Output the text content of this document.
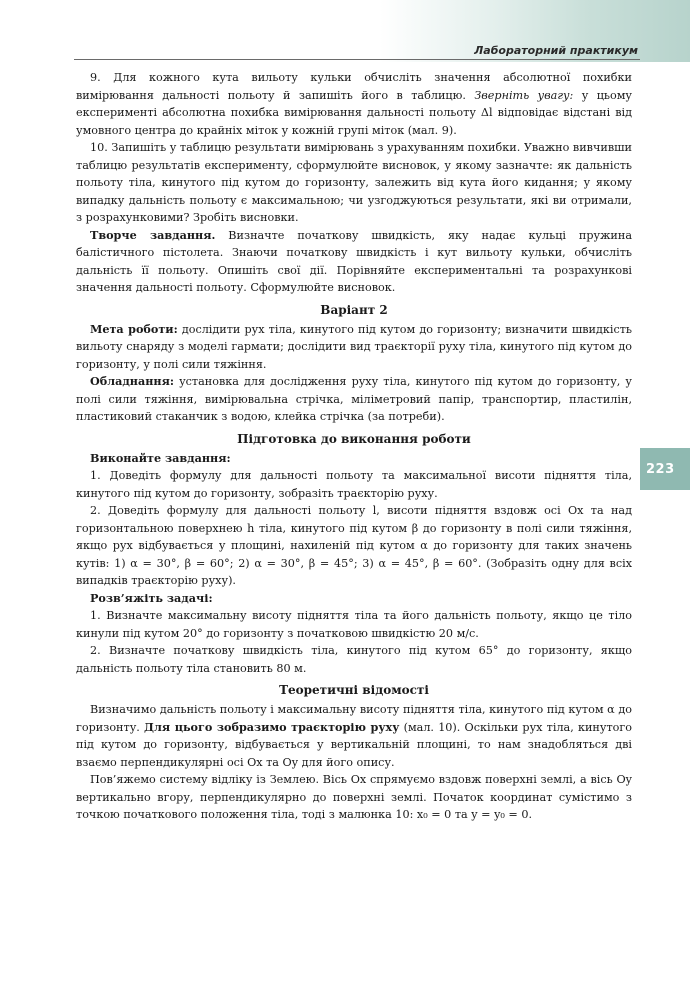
Лабораторний практикум
223

9. Для кожного кута вильоту кульки обчисліть значення абсолютної похибки вимірювання дальності польоту й запишіть його в таблицю. Зверніть увагу: у цьому експерименті абсолютна похибка вимірювання дальності польоту Δl відповідає відстані від умовного центра до крайніх міток у кожній групі міток (мал. 9).

10. Запишіть у таблицю результати вимірювань з урахуванням похибки. Уважно вивчивши таблицю результатів експерименту, сформулюйте висновок, у якому зазначте: як дальність польоту тіла, кинутого під кутом до горизонту, залежить від кута його кидання; у якому випадку дальність польоту є максимальною; чи узгоджуються результати, які ви отримали, з розрахунковими? Зробіть висновки.

Творче завдання. Визначте початкову швидкість, яку надає кульці пружина балістичного пістолета. Знаючи початкову швидкість і кут вильоту кульки, обчисліть дальність її польоту. Опишіть свої дії. Порівняйте експериментальні та розрахункові значення дальності польоту. Сформулюйте висновок.

Варіант 2

Мета роботи: дослідити рух тіла, кинутого під кутом до горизонту; визначити швидкість вильоту снаряду з моделі гармати; дослідити вид траєкторії руху тіла, кинутого під кутом до горизонту, у полі сили тяжіння.

Обладнання: установка для дослідження руху тіла, кинутого під кутом до горизонту, у полі сили тяжіння, вимірювальна стрічка, міліметровий папір, транспортир, пластилін, пластиковий стаканчик з водою, клейка стрічка (за потреби).

Підготовка до виконання роботи

Виконайте завдання:

1. Доведіть формулу для дальності польоту та максимальної висоти підняття тіла, кинутого під кутом до горизонту, зобразіть траєкторію руху.

2. Доведіть формулу для дальності польоту l, висоти підняття вздовж осі Ox та над горизонтальною поверхнею h тіла, кинутого під кутом β до горизонту в полі сили тяжіння, якщо рух відбувається у площині, нахиленій під кутом α до горизонту для таких значень кутів: 1) α = 30°, β = 60°; 2) α = 30°, β = 45°; 3) α = 45°, β = 60°. (Зобразіть одну для всіх випадків траєкторію руху).

Розв’яжіть задачі:

1. Визначте максимальну висоту підняття тіла та його дальність польоту, якщо це тіло кинули під кутом 20° до горизонту з початковою швидкістю 20 м/с.

2. Визначте початкову швидкість тіла, кинутого під кутом 65° до горизонту, якщо дальність польоту тіла становить 80 м.

Теоретичні відомості

Визначимо дальність польоту і максимальну висоту підняття тіла, кинутого під кутом α до горизонту. Для цього зобразимо траєкторію руху (мал. 10). Оскільки рух тіла, кинутого під кутом до горизонту, відбувається у вертикальній площині, то нам знадобляться дві взаємо перпендикулярні осі Ox та Oy для його опису.

Пов’яжемо систему відліку із Землею. Вісь Ox спрямуємо вздовж поверхні землі, а вісь Oy вертикально вгору, перпендикулярно до поверхні землі. Початок координат сумістимо з точкою початкового положення тіла, тоді з малюнка 10: x₀ = 0 та y = y₀ = 0.
